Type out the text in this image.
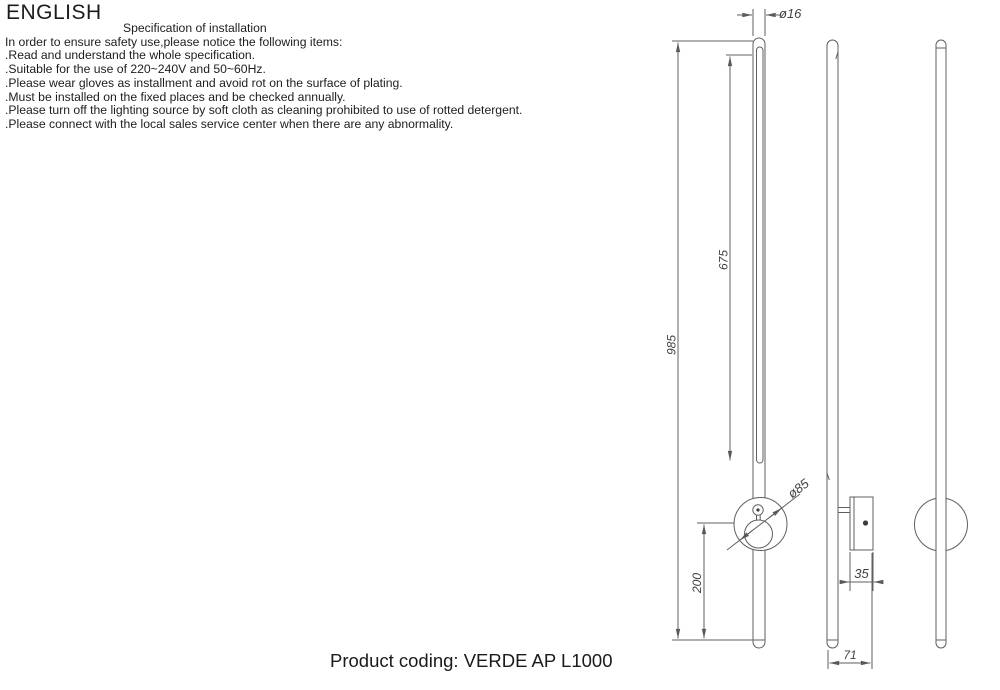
ø16
985
675
200
ø85
35
71
ENGLISH
Specification of installation
In order to ensure safety use,please notice the following items:
.Read and understand the whole specification.
.Suitable for the use of 220~240V and 50~60Hz.
.Please wear gloves as installment and avoid rot on the surface of plating.
.Must be installed on the fixed places and be checked annually.
.Please turn off the lighting source by soft cloth as cleaning prohibited to use of rotted detergent.
.Please connect with the local sales service center when there are any abnormality.
Product coding: VERDE AP L1000
